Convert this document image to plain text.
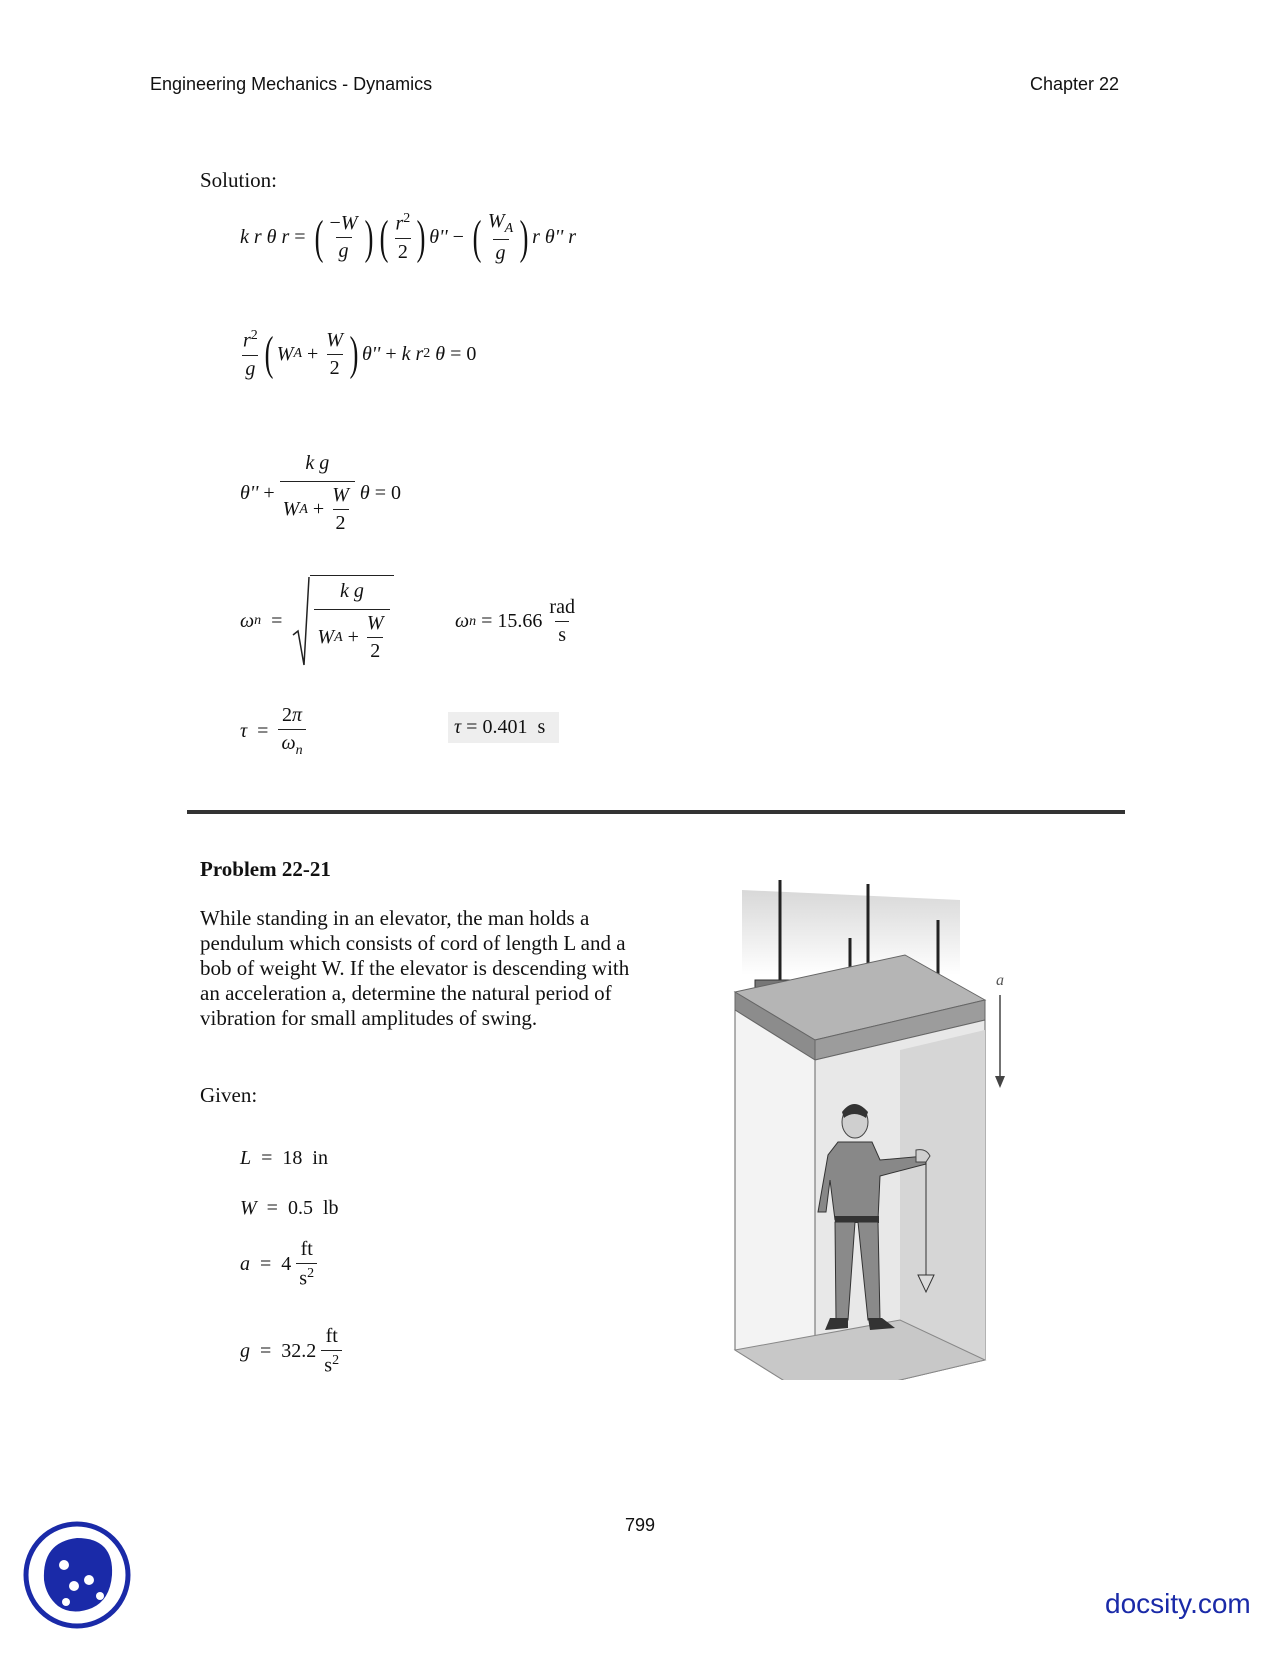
Engineering Mechanics - Dynamics	Chapter 22
Solution:
k r θ r = ( $\frac{-W}{g}$ ) ( $\frac{r^2}{2}$ ) θ'' − ( $\frac{W_A}{g}$ ) r θ'' r
$\frac{r^2}{g}$ ( W $A + \frac{W}{2}$ ) θ'' + k r 2
θ = 0
$\theta'' + \frac{\text{k g}}{W A + \frac{W}{2}}$
θ = 0
ω $n = \frac{\text{k g}}{W A + \frac{W}{2}}$	ω $n = 15.66 \frac{\text{rad}}{s}$
$\tau = \frac{2\pi}{\omega_n}$	τ
=
0.401
s
Problem 22-21
While standing in an elevator, the man holds a
pendulum which consists of cord of length L and a
bob of weight W. If the elevator is descending with
an acceleration a, determine the natural period of
vibration for small amplitudes of swing.
Given:
L = 18
in
W = 0.5
lb
a = 4
$\frac{ft}{s^2}$
g = 32.2
$\frac{ft}{s^2}$
a
799
docsity.com
